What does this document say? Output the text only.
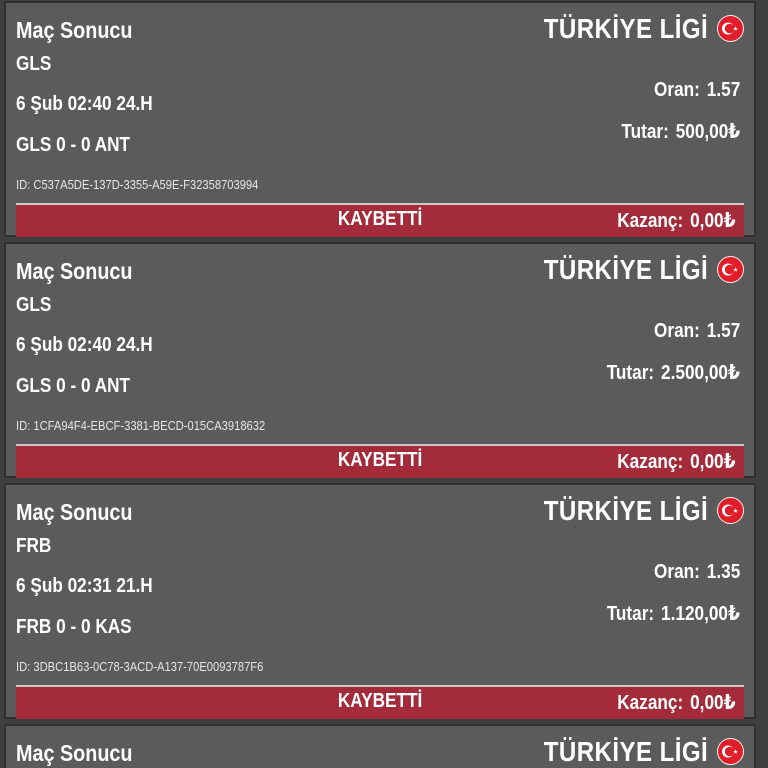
Maç Sonucu
GLS
6 Şub 02:40 24.H
GLS 0 - 0 ANT
ID: C537A5DE-137D-3355-A59E-F32358703994
TÜRKİYE LİGİ
Oran: 1.57
Tutar: 500,00₺
KAYBETTİ	Kazanç: 0,00₺
Maç Sonucu
GLS
6 Şub 02:40 24.H
GLS 0 - 0 ANT
ID: 1CFA94F4-EBCF-3381-BECD-015CA3918632
TÜRKİYE LİGİ
Oran: 1.57
Tutar: 2.500,00₺
KAYBETTİ	Kazanç: 0,00₺
Maç Sonucu
FRB
6 Şub 02:31 21.H
FRB 0 - 0 KAS
ID: 3DBC1B63-0C78-3ACD-A137-70E0093787F6
TÜRKİYE LİGİ
Oran: 1.35
Tutar: 1.120,00₺
KAYBETTİ	Kazanç: 0,00₺
Maç Sonucu	TÜRKİYE LİGİ
